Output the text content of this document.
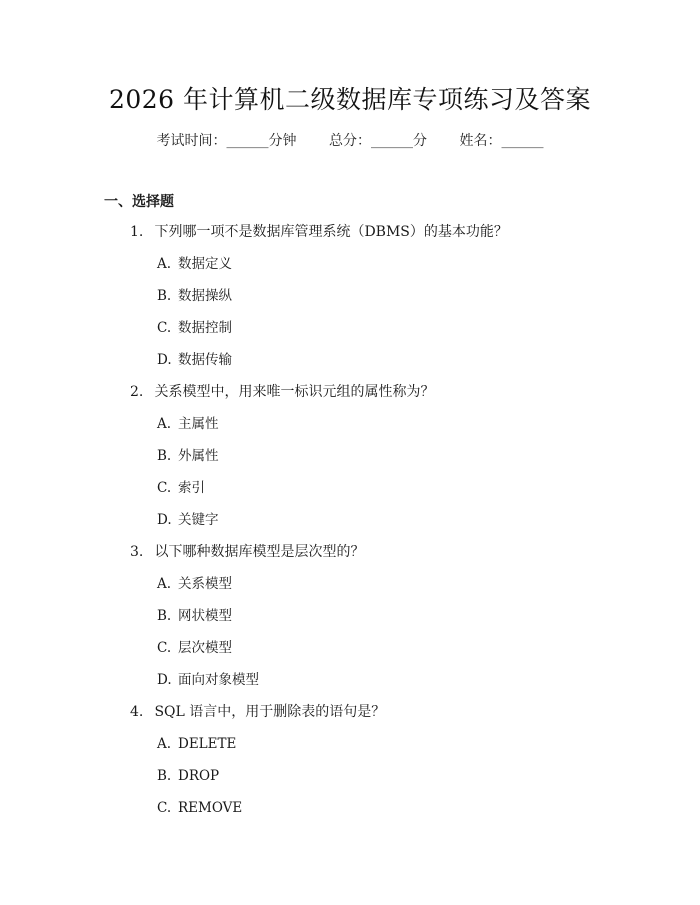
2026 年计算机二级数据库专项练习及答案
考试时间：______分钟 总分：______分 姓名：______
一、选择题
1. 下列哪一项不是数据库管理系统（DBMS）的基本功能？
A. 数据定义
B. 数据操纵
C. 数据控制
D. 数据传输
2. 关系模型中，用来唯一标识元组的属性称为？
A. 主属性
B. 外属性
C. 索引
D. 关键字
3. 以下哪种数据库模型是层次型的？
A. 关系模型
B. 网状模型
C. 层次模型
D. 面向对象模型
4. SQL 语言中，用于删除表的语句是？
A. DELETE
B. DROP
C. REMOVE
